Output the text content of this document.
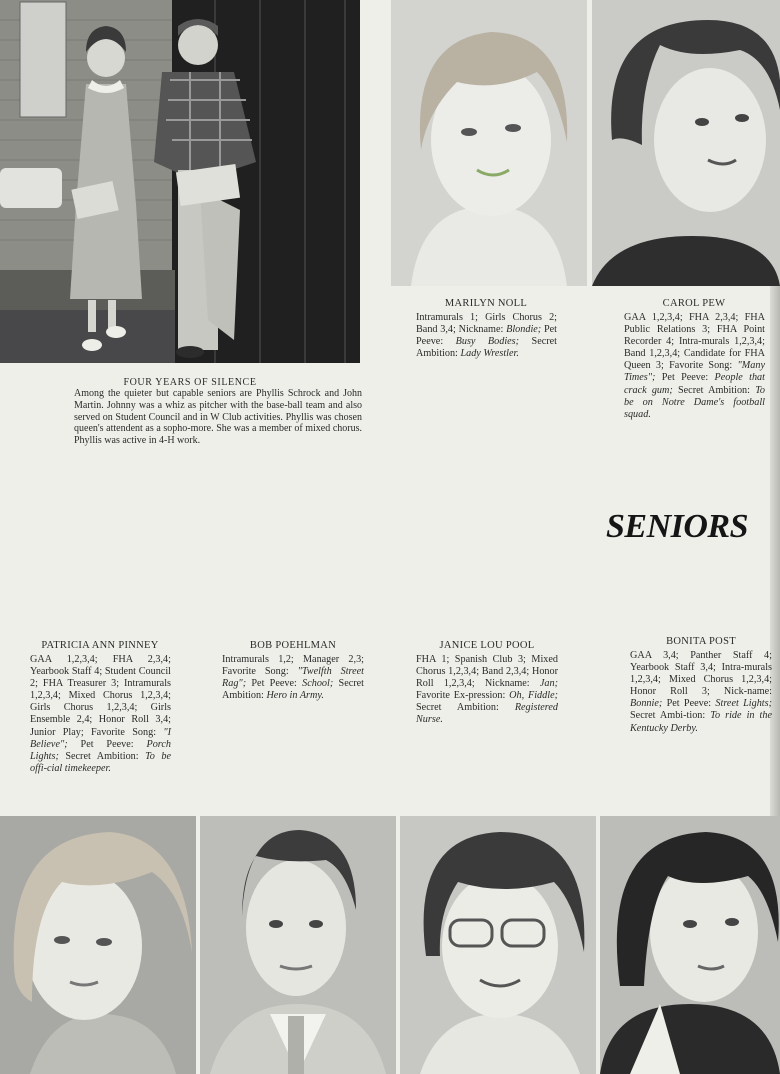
MARILYN NOLL
Intramurals 1; Girls Chorus 2; Band 3,4; Nickname: Blondie; Pet Peeve: Busy Bodies; Secret Ambition: Lady Wrestler.
CAROL PEW
GAA 1,2,3,4; FHA 2,3,4; FHA Public Relations 3; FHA Point Recorder 4; Intra-murals 1,2,3,4; Band 1,2,3,4; Candidate for FHA Queen 3; Favorite Song: "Many Times"; Pet Peeve: People that crack gum; Secret Ambition: To be on Notre Dame's football squad.
FOUR YEARS OF SILENCE
Among the quieter but capable seniors are Phyllis Schrock and John Martin. Johnny was a whiz as pitcher with the base-ball team and also served on Student Council and in W Club activities. Phyllis was chosen queen's attendent as a sopho-more. She was a member of mixed chorus. Phyllis was active in 4-H work.
SENIORS
PATRICIA ANN PINNEY
GAA 1,2,3,4; FHA 2,3,4; Yearbook Staff 4; Student Council 2; FHA Treasurer 3; Intramurals 1,2,3,4; Mixed Chorus 1,2,3,4; Girls Chorus 1,2,3,4; Girls Ensemble 2,4; Honor Roll 3,4; Junior Play; Favorite Song: "I Believe"; Pet Peeve: Porch Lights; Secret Ambition: To be offi-cial timekeeper.
BOB POEHLMAN
Intramurals 1,2; Manager 2,3; Favorite Song: "Twelfth Street Rag"; Pet Peeve: School; Secret Ambition: Hero in Army.
JANICE LOU POOL
FHA 1; Spanish Club 3; Mixed Chorus 1,2,3,4; Band 2,3,4; Honor Roll 1,2,3,4; Nickname: Jan; Favorite Ex-pression: Oh, Fiddle; Secret Ambition: Registered Nurse.
BONITA POST
GAA 3,4; Panther Staff 4; Yearbook Staff 3,4; Intra-murals 1,2,3,4; Mixed Chorus 1,2,3,4; Honor Roll 3; Nick-name: Bonnie; Pet Peeve: Street Lights; Secret Ambi-tion: To ride in the Kentucky Derby.
